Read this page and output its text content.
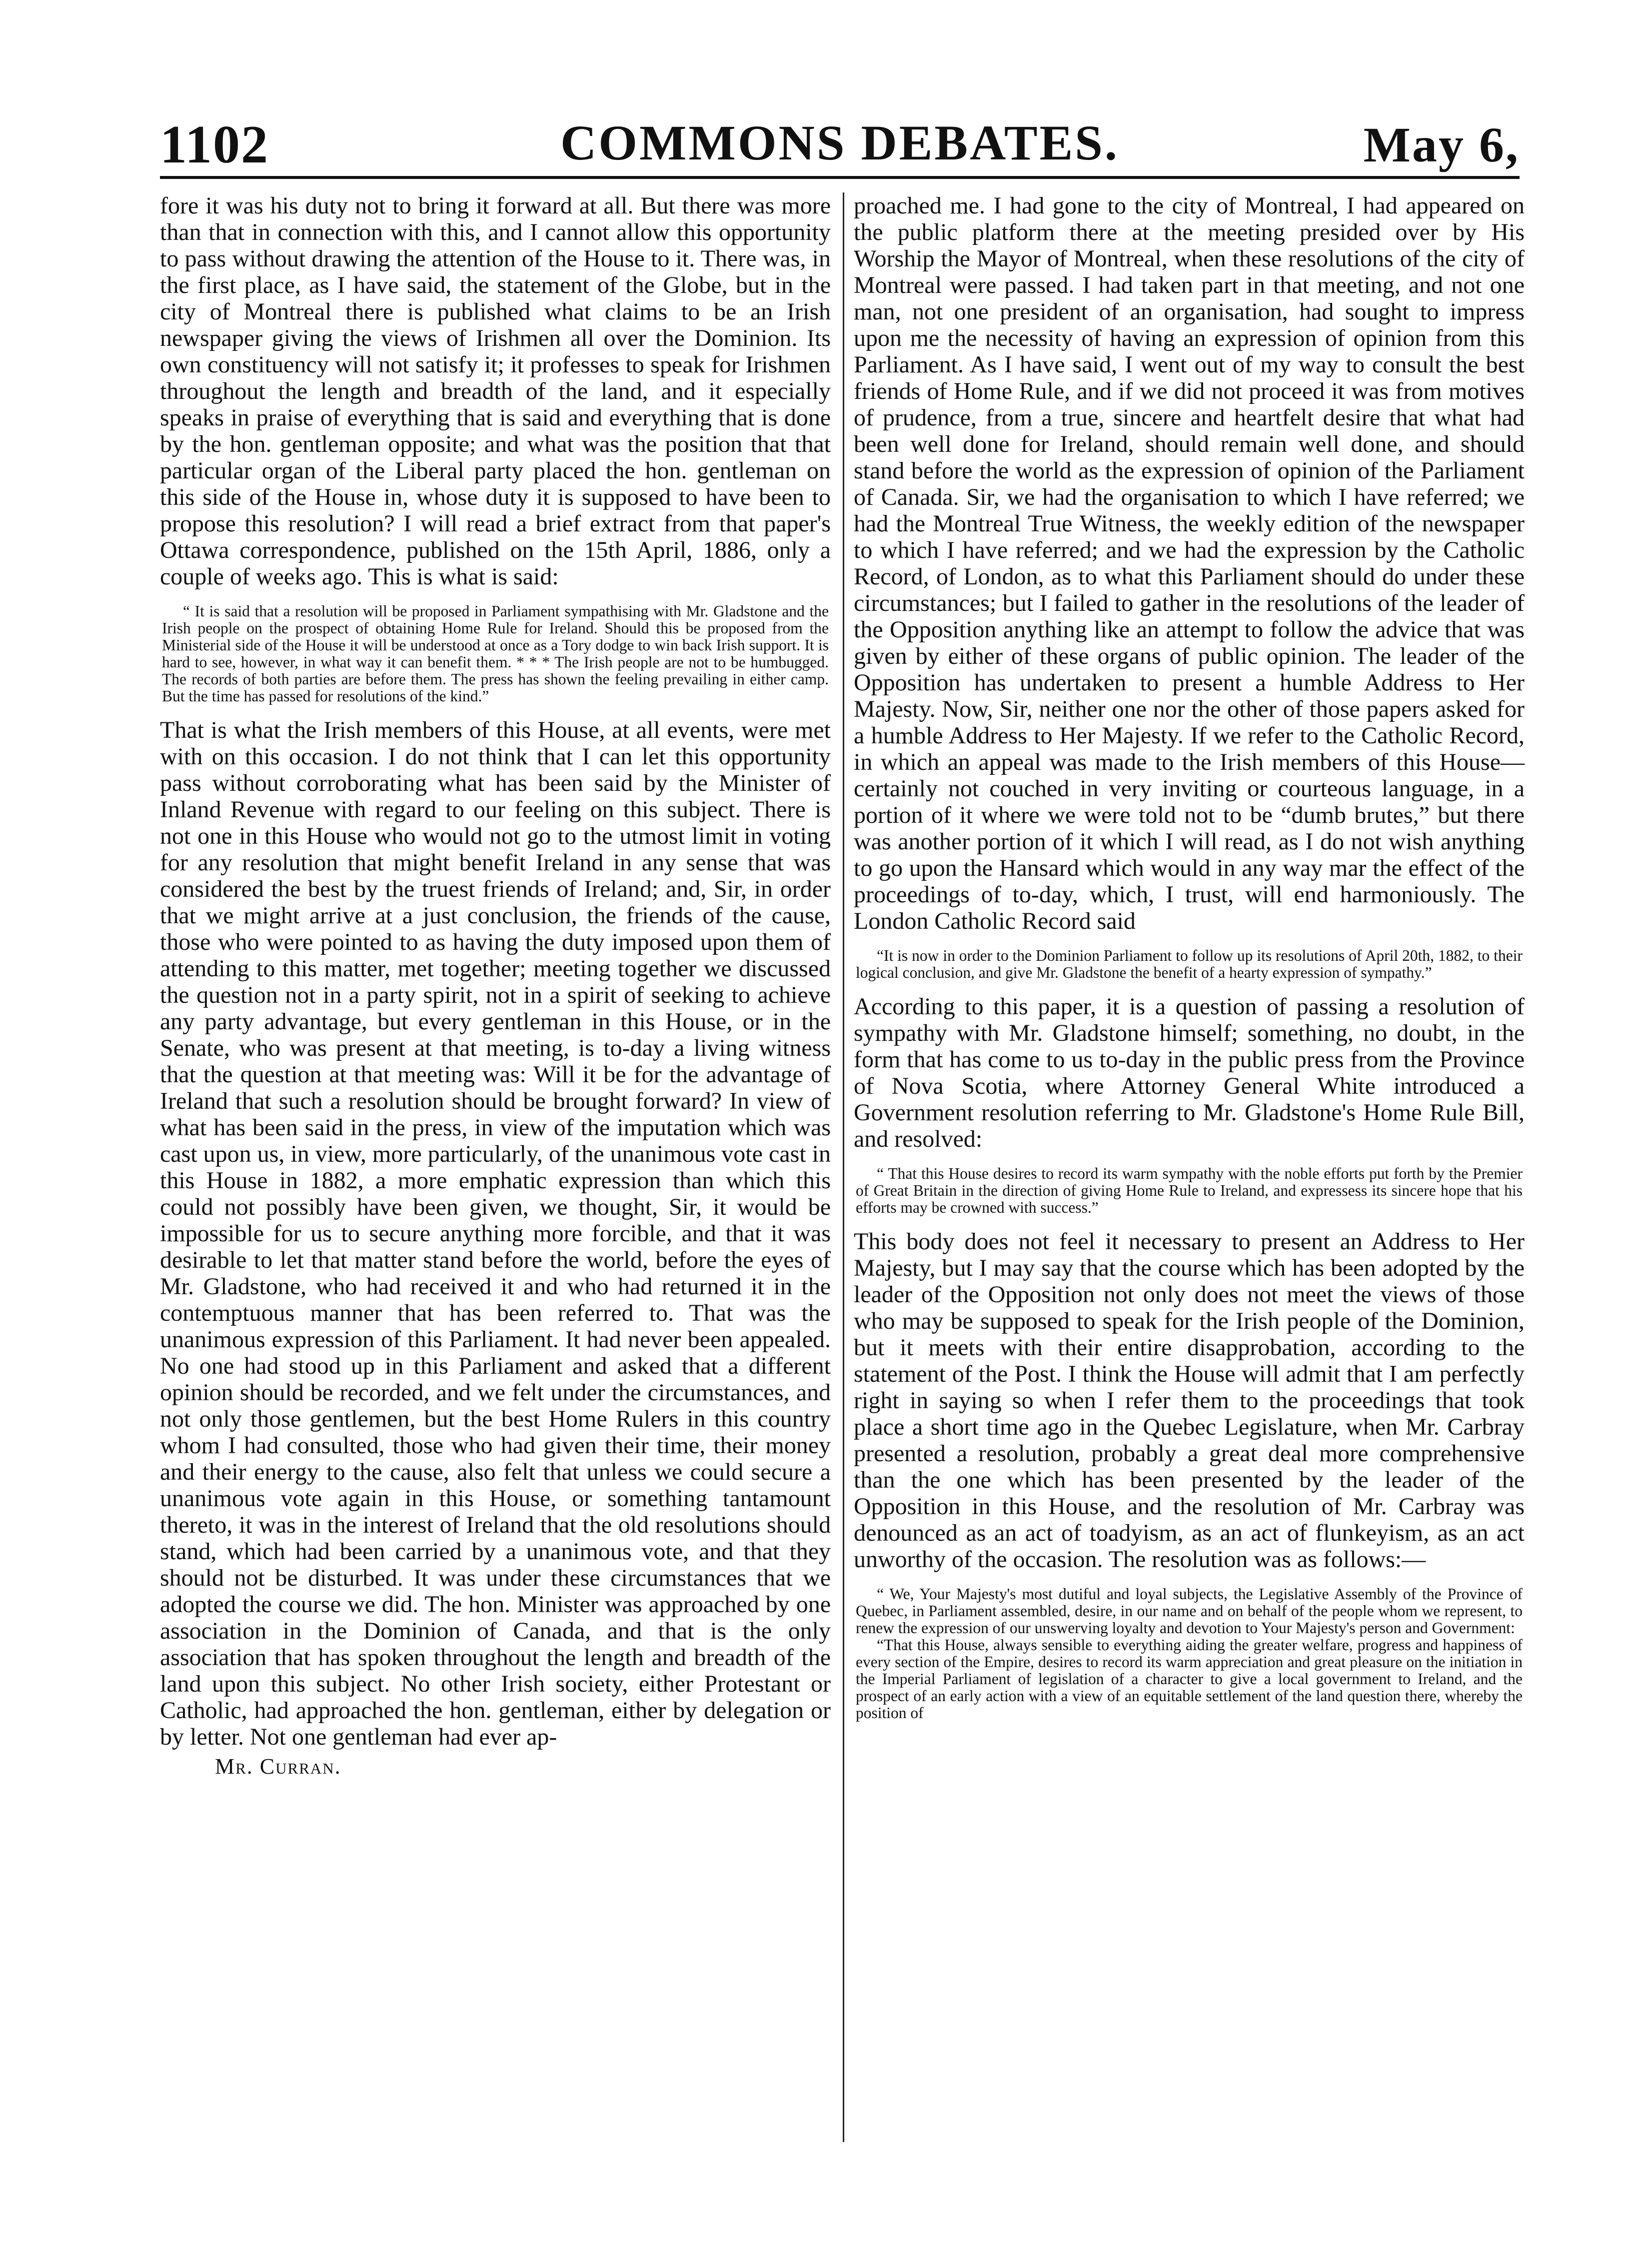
1102	COMMONS DEBATES.	May 6,

fore it was his duty not to bring it forward at all. But there was more than that in connection with this, and I cannot allow this opportunity to pass without drawing the attention of the House to it. There was, in the first place, as I have said, the statement of the Globe, but in the city of Montreal there is published what claims to be an Irish newspaper giving the views of Irishmen all over the Dominion. Its own constituency will not satisfy it; it professes to speak for Irishmen throughout the length and breadth of the land, and it especially speaks in praise of everything that is said and everything that is done by the hon. gentleman opposite; and what was the position that that particular organ of the Liberal party placed the hon. gentleman on this side of the House in, whose duty it is supposed to have been to propose this resolution? I will read a brief extract from that paper's Ottawa correspondence, published on the 15th April, 1886, only a couple of weeks ago. This is what is said:

“ It is said that a resolution will be proposed in Parliament sympathising with Mr. Gladstone and the Irish people on the prospect of obtaining Home Rule for Ireland. Should this be proposed from the Ministerial side of the House it will be understood at once as a Tory dodge to win back Irish support. It is hard to see, however, in what way it can benefit them. * * * The Irish people are not to be humbugged. The records of both parties are before them. The press has shown the feeling prevailing in either camp. But the time has passed for resolutions of the kind.”

That is what the Irish members of this House, at all events, were met with on this occasion. I do not think that I can let this opportunity pass without corroborating what has been said by the Minister of Inland Revenue with regard to our feeling on this subject. There is not one in this House who would not go to the utmost limit in voting for any resolution that might benefit Ireland in any sense that was considered the best by the truest friends of Ireland; and, Sir, in order that we might arrive at a just conclusion, the friends of the cause, those who were pointed to as having the duty imposed upon them of attending to this matter, met together; meeting together we discussed the question not in a party spirit, not in a spirit of seeking to achieve any party advantage, but every gentleman in this House, or in the Senate, who was present at that meeting, is to-day a living witness that the question at that meeting was: Will it be for the advantage of Ireland that such a resolution should be brought forward? In view of what has been said in the press, in view of the imputation which was cast upon us, in view, more particularly, of the unanimous vote cast in this House in 1882, a more emphatic expression than which this could not possibly have been given, we thought, Sir, it would be impossible for us to secure anything more forcible, and that it was desirable to let that matter stand before the world, before the eyes of Mr. Gladstone, who had received it and who had returned it in the contemptuous manner that has been referred to. That was the unanimous expression of this Parliament. It had never been appealed. No one had stood up in this Parliament and asked that a different opinion should be recorded, and we felt under the circumstances, and not only those gentlemen, but the best Home Rulers in this country whom I had consulted, those who had given their time, their money and their energy to the cause, also felt that unless we could secure a unanimous vote again in this House, or something tantamount thereto, it was in the interest of Ireland that the old resolutions should stand, which had been carried by a unanimous vote, and that they should not be disturbed. It was under these circumstances that we adopted the course we did. The hon. Minister was approached by one association in the Dominion of Canada, and that is the only association that has spoken throughout the length and breadth of the land upon this subject. No other Irish society, either Protestant or Catholic, had approached the hon. gentleman, either by delegation or by letter. Not one gentleman had ever ap-

Mr. Curran.

proached me. I had gone to the city of Montreal, I had appeared on the public platform there at the meeting presided over by His Worship the Mayor of Montreal, when these resolutions of the city of Montreal were passed. I had taken part in that meeting, and not one man, not one president of an organisation, had sought to impress upon me the necessity of having an expression of opinion from this Parliament. As I have said, I went out of my way to consult the best friends of Home Rule, and if we did not proceed it was from motives of prudence, from a true, sincere and heartfelt desire that what had been well done for Ireland, should remain well done, and should stand before the world as the expression of opinion of the Parliament of Canada. Sir, we had the organisation to which I have referred; we had the Montreal True Witness, the weekly edition of the newspaper to which I have referred; and we had the expression by the Catholic Record, of London, as to what this Parliament should do under these circumstances; but I failed to gather in the resolutions of the leader of the Opposition anything like an attempt to follow the advice that was given by either of these organs of public opinion. The leader of the Opposition has undertaken to present a humble Address to Her Majesty. Now, Sir, neither one nor the other of those papers asked for a humble Address to Her Majesty. If we refer to the Catholic Record, in which an appeal was made to the Irish members of this House—certainly not couched in very inviting or courteous language, in a portion of it where we were told not to be “dumb brutes,” but there was another portion of it which I will read, as I do not wish anything to go upon the Hansard which would in any way mar the effect of the proceedings of to-day, which, I trust, will end harmoniously. The London Catholic Record said

“It is now in order to the Dominion Parliament to follow up its resolutions of April 20th, 1882, to their logical conclusion, and give Mr. Gladstone the benefit of a hearty expression of sympathy.”

According to this paper, it is a question of passing a resolution of sympathy with Mr. Gladstone himself; something, no doubt, in the form that has come to us to-day in the public press from the Province of Nova Scotia, where Attorney General White introduced a Government resolution referring to Mr. Gladstone's Home Rule Bill, and resolved:

“ That this House desires to record its warm sympathy with the noble efforts put forth by the Premier of Great Britain in the direction of giving Home Rule to Ireland, and expressess its sincere hope that his efforts may be crowned with success.”

This body does not feel it necessary to present an Address to Her Majesty, but I may say that the course which has been adopted by the leader of the Opposition not only does not meet the views of those who may be supposed to speak for the Irish people of the Dominion, but it meets with their entire disapprobation, according to the statement of the Post. I think the House will admit that I am perfectly right in saying so when I refer them to the proceedings that took place a short time ago in the Quebec Legislature, when Mr. Carbray presented a resolution, probably a great deal more comprehensive than the one which has been presented by the leader of the Opposition in this House, and the resolution of Mr. Carbray was denounced as an act of toadyism, as an act of flunkeyism, as an act unworthy of the occasion. The resolution was as follows:—

“ We, Your Majesty's most dutiful and loyal subjects, the Legislative Assembly of the Province of Quebec, in Parliament assembled, desire, in our name and on behalf of the people whom we represent, to renew the expression of our unswerving loyalty and devotion to Your Majesty's person and Government:

“That this House, always sensible to everything aiding the greater welfare, progress and happiness of every section of the Empire, desires to record its warm appreciation and great pleasure on the initiation in the Imperial Parliament of legislation of a character to give a local government to Ireland, and the prospect of an early action with a view of an equitable settlement of the land question there, whereby the position of
